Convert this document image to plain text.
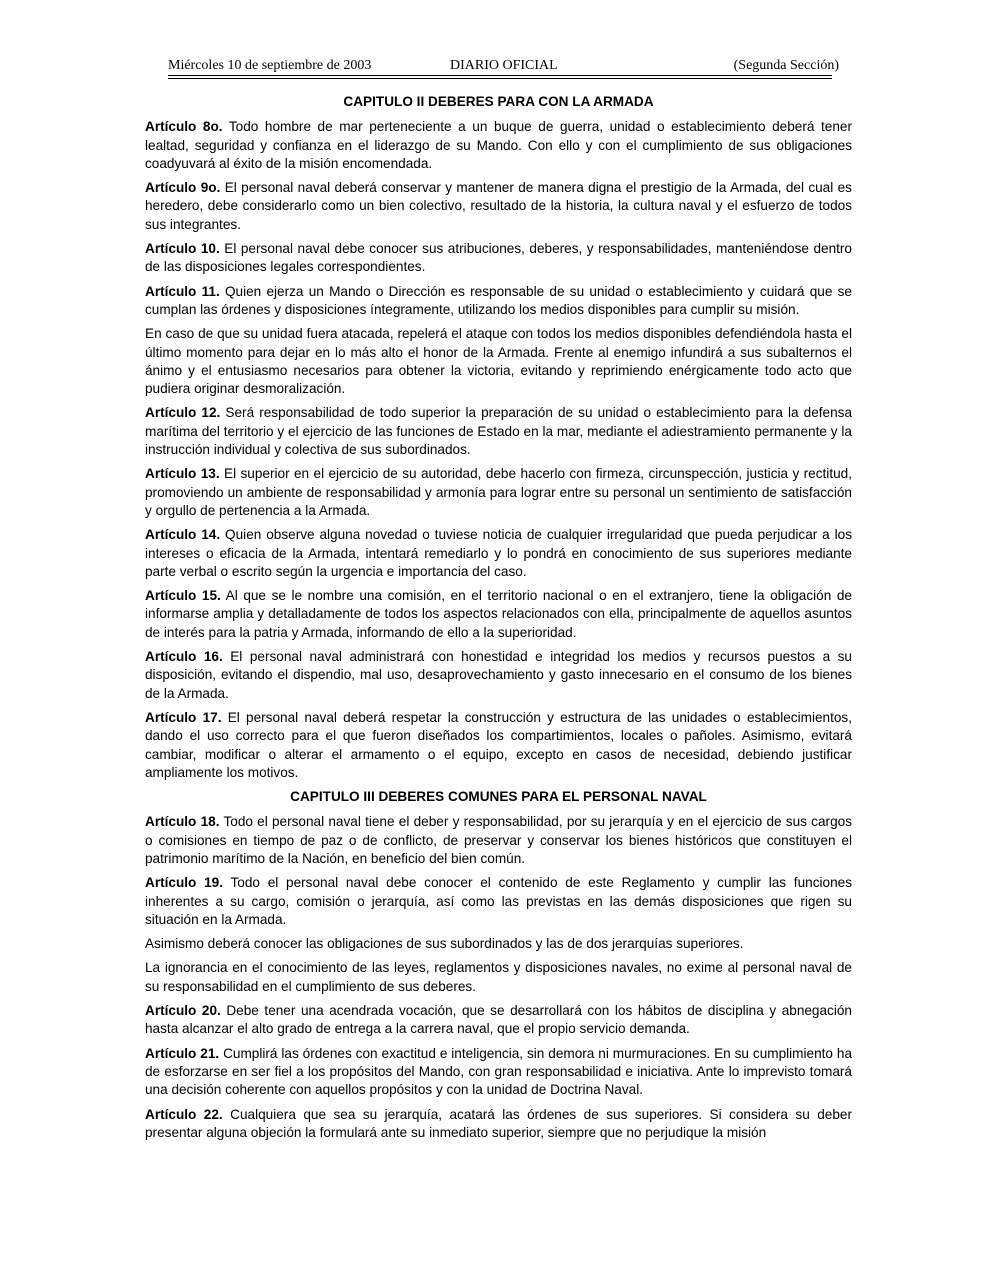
Miércoles 10 de septiembre de 2003	DIARIO OFICIAL	(Segunda Sección)
CAPITULO II DEBERES PARA CON LA ARMADA

Artículo 8o. Todo hombre de mar perteneciente a un buque de guerra, unidad o establecimiento deberá tener lealtad, seguridad y confianza en el liderazgo de su Mando. Con ello y con el cumplimiento de sus obligaciones coadyuvará al éxito de la misión encomendada.

Artículo 9o. El personal naval deberá conservar y mantener de manera digna el prestigio de la Armada, del cual es heredero, debe considerarlo como un bien colectivo, resultado de la historia, la cultura naval y el esfuerzo de todos sus integrantes.

Artículo 10. El personal naval debe conocer sus atribuciones, deberes, y responsabilidades, manteniéndose dentro de las disposiciones legales correspondientes.

Artículo 11. Quien ejerza un Mando o Dirección es responsable de su unidad o establecimiento y cuidará que se cumplan las órdenes y disposiciones íntegramente, utilizando los medios disponibles para cumplir su misión.

En caso de que su unidad fuera atacada, repelerá el ataque con todos los medios disponibles defendiéndola hasta el último momento para dejar en lo más alto el honor de la Armada. Frente al enemigo infundirá a sus subalternos el ánimo y el entusiasmo necesarios para obtener la victoria, evitando y reprimiendo enérgicamente todo acto que pudiera originar desmoralización.

Artículo 12. Será responsabilidad de todo superior la preparación de su unidad o establecimiento para la defensa marítima del territorio y el ejercicio de las funciones de Estado en la mar, mediante el adiestramiento permanente y la instrucción individual y colectiva de sus subordinados.

Artículo 13. El superior en el ejercicio de su autoridad, debe hacerlo con firmeza, circunspección, justicia y rectitud, promoviendo un ambiente de responsabilidad y armonía para lograr entre su personal un sentimiento de satisfacción y orgullo de pertenencia a la Armada.

Artículo 14. Quien observe alguna novedad o tuviese noticia de cualquier irregularidad que pueda perjudicar a los intereses o eficacia de la Armada, intentará remediarlo y lo pondrá en conocimiento de sus superiores mediante parte verbal o escrito según la urgencia e importancia del caso.

Artículo 15. Al que se le nombre una comisión, en el territorio nacional o en el extranjero, tiene la obligación de informarse amplia y detalladamente de todos los aspectos relacionados con ella, principalmente de aquellos asuntos de interés para la patria y Armada, informando de ello a la superioridad.

Artículo 16. El personal naval administrará con honestidad e integridad los medios y recursos puestos a su disposición, evitando el dispendio, mal uso, desaprovechamiento y gasto innecesario en el consumo de los bienes de la Armada.

Artículo 17. El personal naval deberá respetar la construcción y estructura de las unidades o establecimientos, dando el uso correcto para el que fueron diseñados los compartimientos, locales o pañoles. Asimismo, evitará cambiar, modificar o alterar el armamento o el equipo, excepto en casos de necesidad, debiendo justificar ampliamente los motivos.

CAPITULO III DEBERES COMUNES PARA EL PERSONAL NAVAL

Artículo 18. Todo el personal naval tiene el deber y responsabilidad, por su jerarquía y en el ejercicio de sus cargos o comisiones en tiempo de paz o de conflicto, de preservar y conservar los bienes históricos que constituyen el patrimonio marítimo de la Nación, en beneficio del bien común.

Artículo 19. Todo el personal naval debe conocer el contenido de este Reglamento y cumplir las funciones inherentes a su cargo, comisión o jerarquía, así como las previstas en las demás disposiciones que rigen su situación en la Armada.

Asimismo deberá conocer las obligaciones de sus subordinados y las de dos jerarquías superiores.

La ignorancia en el conocimiento de las leyes, reglamentos y disposiciones navales, no exime al personal naval de su responsabilidad en el cumplimiento de sus deberes.

Artículo 20. Debe tener una acendrada vocación, que se desarrollará con los hábitos de disciplina y abnegación hasta alcanzar el alto grado de entrega a la carrera naval, que el propio servicio demanda.

Artículo 21. Cumplirá las órdenes con exactitud e inteligencia, sin demora ni murmuraciones. En su cumplimiento ha de esforzarse en ser fiel a los propósitos del Mando, con gran responsabilidad e iniciativa. Ante lo imprevisto tomará una decisión coherente con aquellos propósitos y con la unidad de Doctrina Naval.

Artículo 22. Cualquiera que sea su jerarquía, acatará las órdenes de sus superiores. Si considera su deber presentar alguna objeción la formulará ante su inmediato superior, siempre que no perjudique la misión
